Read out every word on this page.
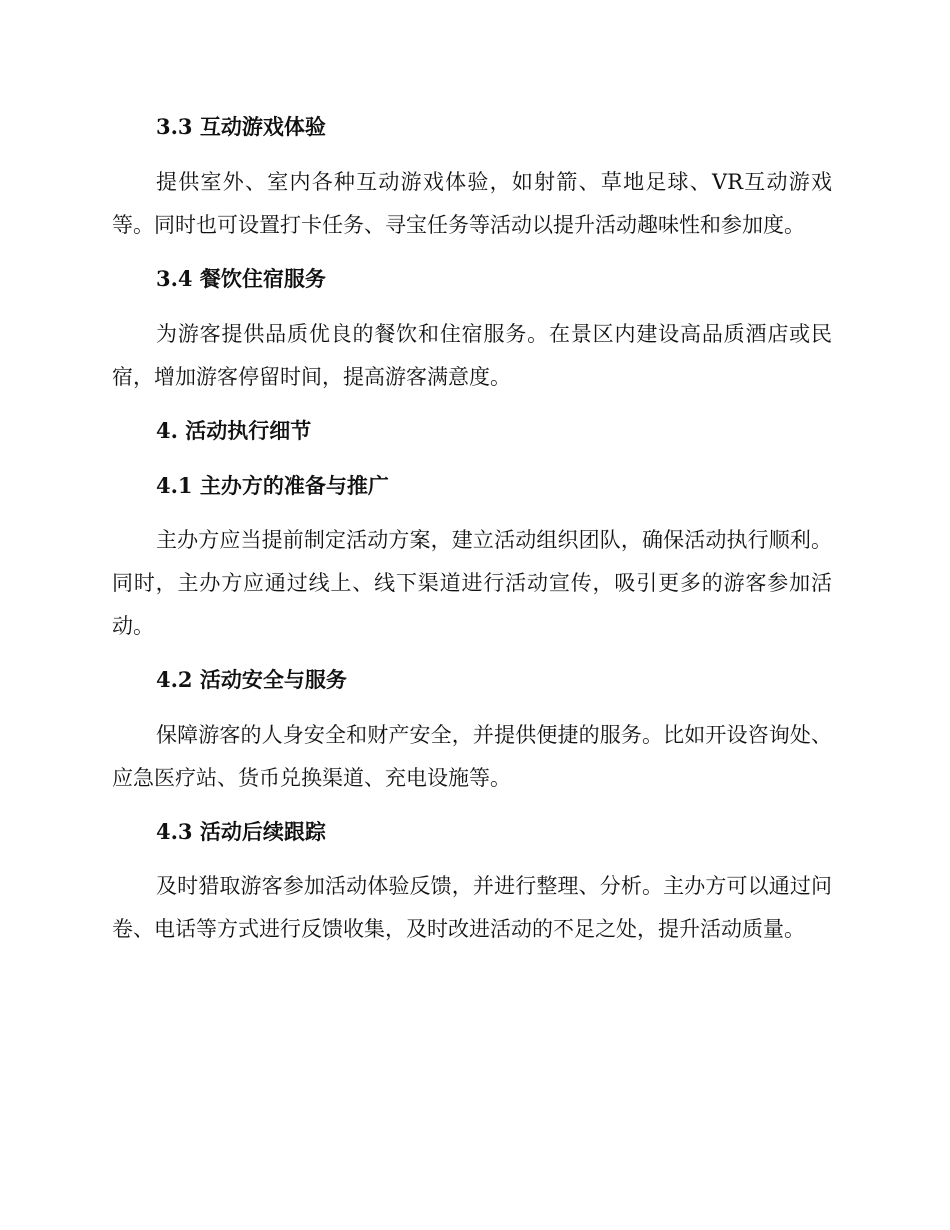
3.3 互动游戏体验

提供室外、室内各种互动游戏体验，如射箭、草地足球、VR互动游戏等。同时也可设置打卡任务、寻宝任务等活动以提升活动趣味性和参加度。

3.4 餐饮住宿服务

为游客提供品质优良的餐饮和住宿服务。在景区内建设高品质酒店或民宿，增加游客停留时间，提高游客满意度。

4. 活动执行细节
4.1 主办方的准备与推广

主办方应当提前制定活动方案，建立活动组织团队，确保活动执行顺利。同时，主办方应通过线上、线下渠道进行活动宣传，吸引更多的游客参加活动。

4.2 活动安全与服务

保障游客的人身安全和财产安全，并提供便捷的服务。比如开设咨询处、应急医疗站、货币兑换渠道、充电设施等。

4.3 活动后续跟踪

及时猎取游客参加活动体验反馈，并进行整理、分析。主办方可以通过问卷、电话等方式进行反馈收集，及时改进活动的不足之处，提升活动质量。
